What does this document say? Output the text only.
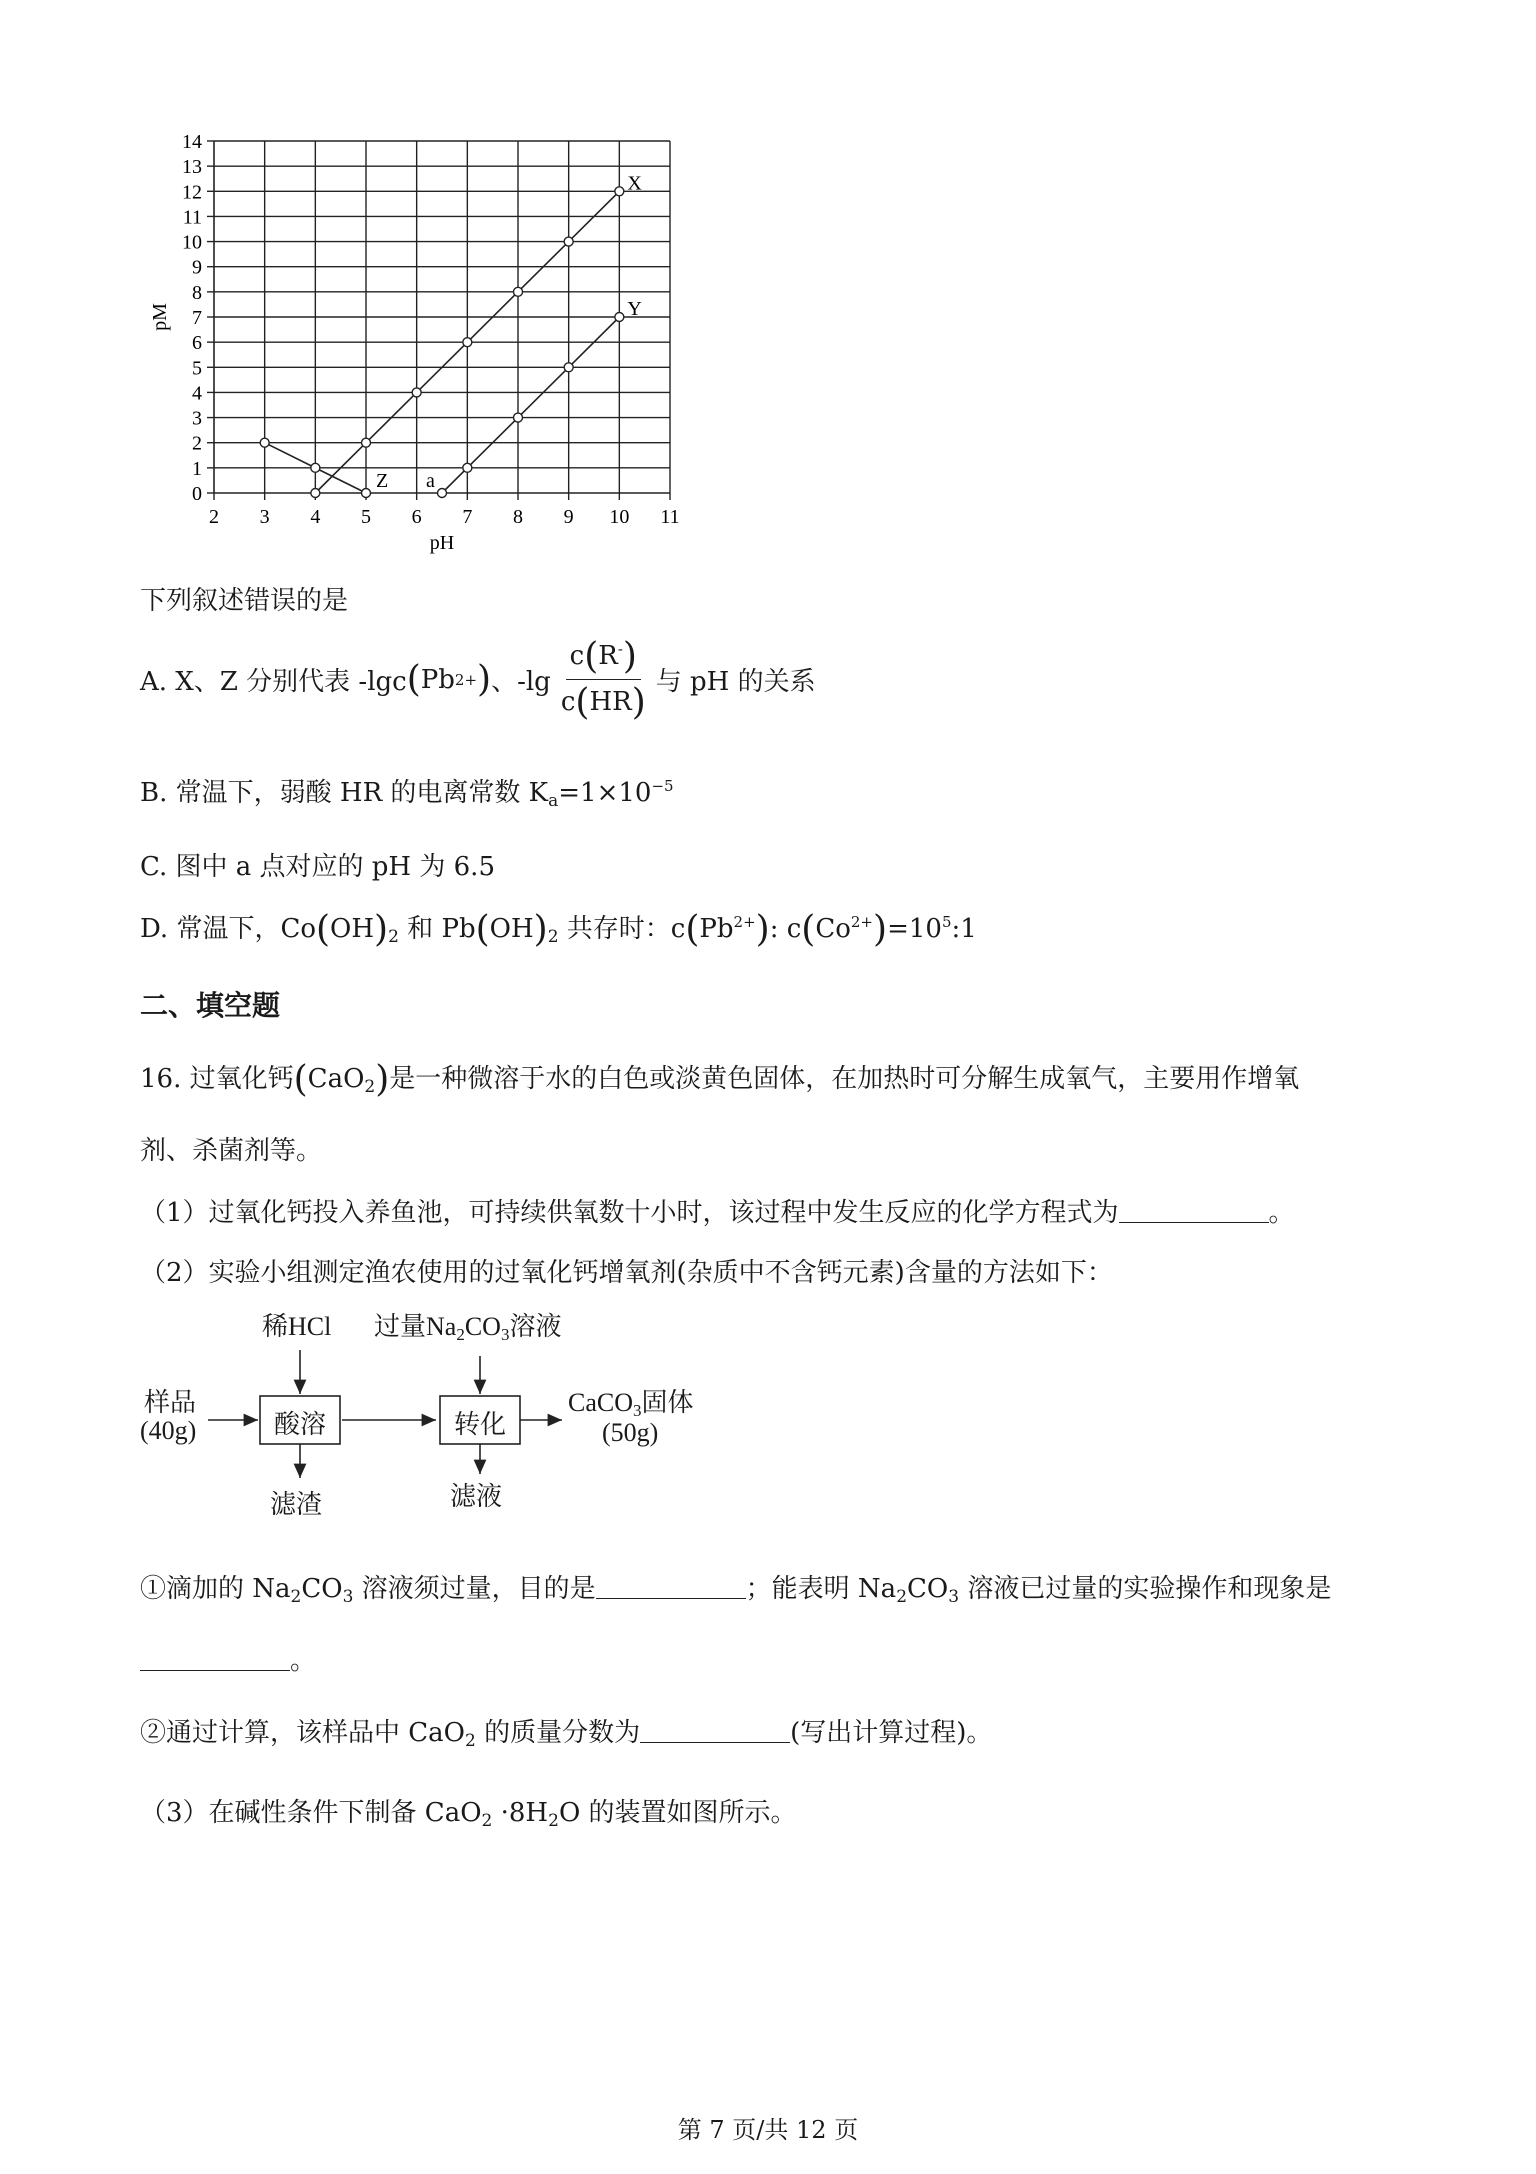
2 3 4 5 6 7 8 9 10 11
0
1
2
3
4
5
6
7
8
9
10
11
12
13
14
X
Y
Z a
pH
pM
下列叙述错误的是
A. X、Z 分别代表 -lgc ( Pb 2+ ) 、$-\lg \frac{c(R^-)}{c(HR)}$ 与 pH 的关系
B. 常温下，弱酸 HR 的电离常数 $K_a=1\times 10^{-5}$
C. 图中 a 点对应的 pH 为 6.5
D. 常温下，$Co(OH)_2$ 和 $Pb(OH)_2$ 共存时：$c(Pb^{2+})$: $c(Co^{2+})=10^5:1$
二、填空题
16. 过氧化钙(CaO$_2$)是一种微溶于水的白色或淡黄色固体，在加热时可分解生成氧气，主要用作增氧
剂、杀菌剂等。
（1）过氧化钙投入养鱼池，可持续供氧数十小时，该过程中发生反应的化学方程式为	。
（2）实验小组测定渔农使用的过氧化钙增氧剂(杂质中不含钙元素)含量的方法如下：
稀HCl 过量$Na_2CO_3$溶液
样品
(40g)	酸溶	转化
CaCO$_3$固体
(50g)
滤渣	滤液
①滴加的 $Na_2CO_3$ 溶液须过量，目的是	；能表明 $Na_2CO_3$ 溶液已过量的实验操作和现象是
。
②通过计算，该样品中 CaO$_2$ 的质量分数为	(写出计算过程)。
（3）在碱性条件下制备 $CaO_2 \cdot 8H_2O$ 的装置如图所示。
第 7 页/共 12 页
